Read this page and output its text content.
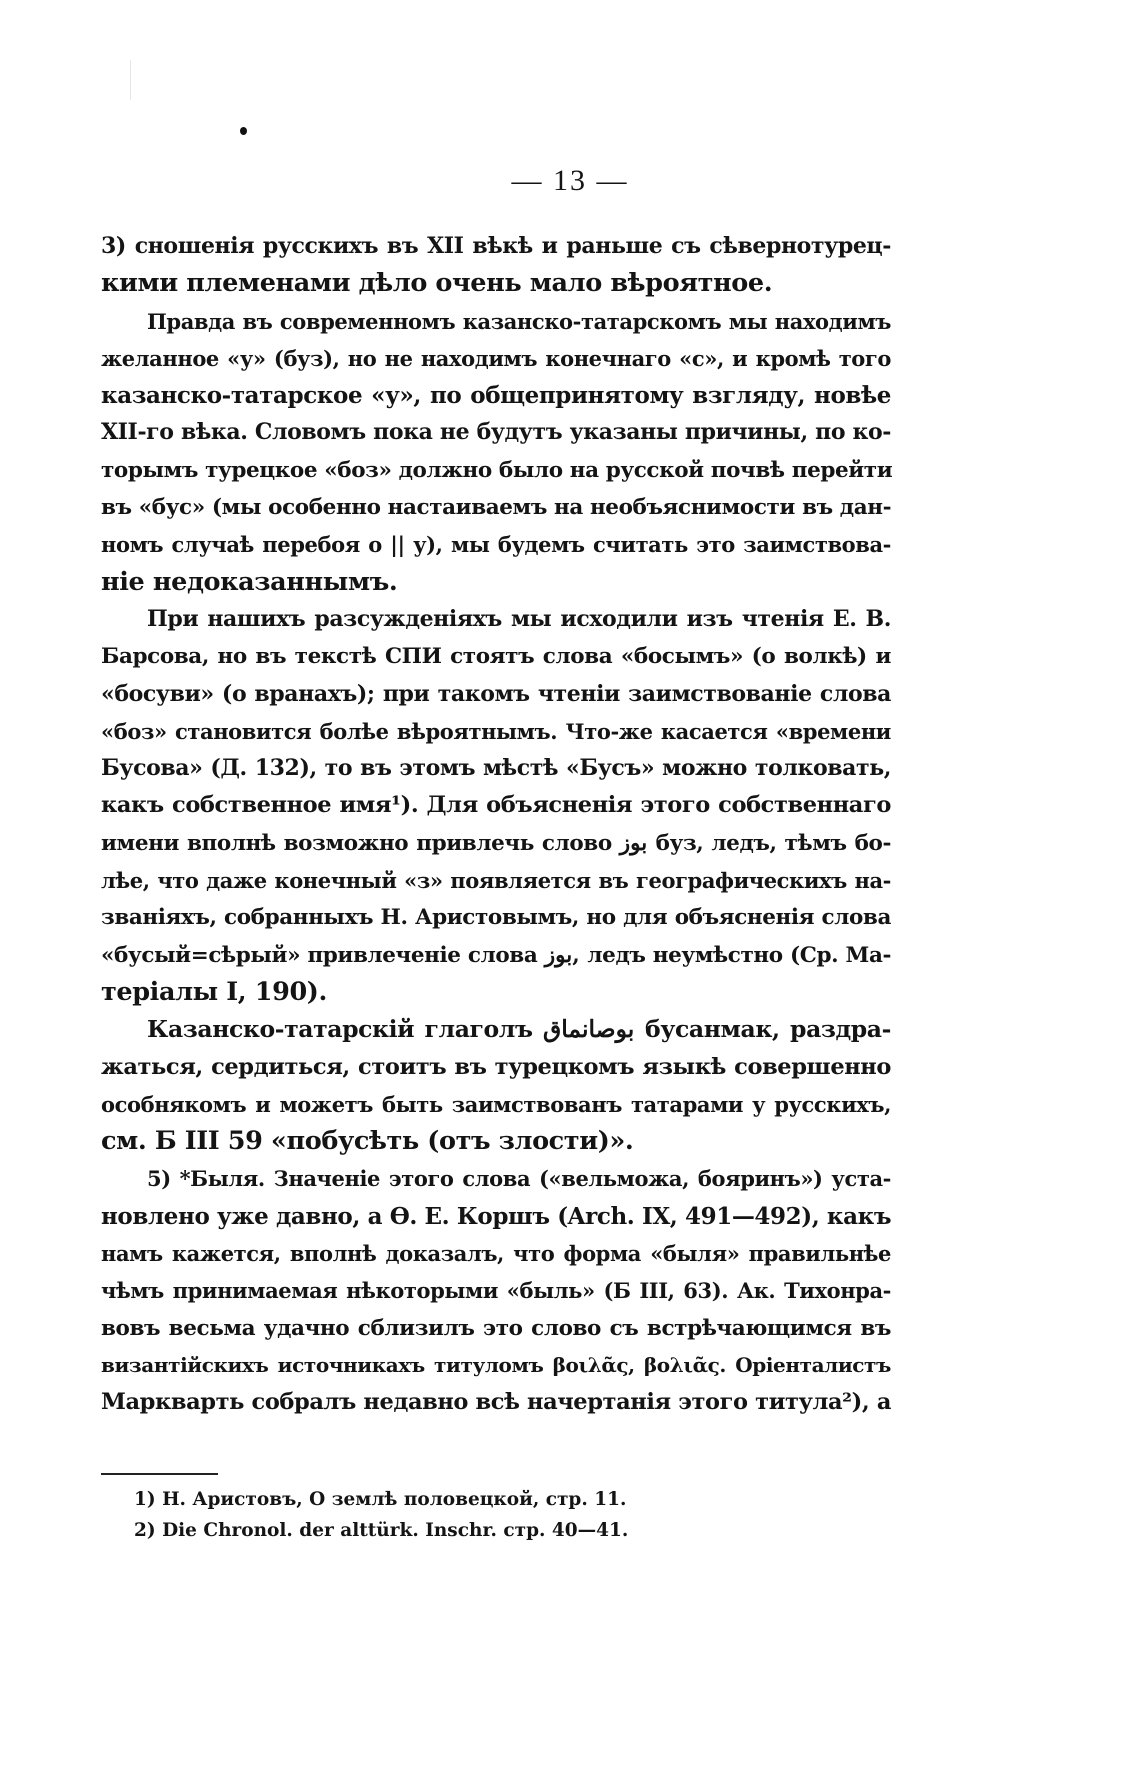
— 13 —
3) сношенія русскихъ въ XII вѣкѣ и раньше съ сѣвернотурец-
кими племенами дѣло очень мало вѣроятное.
Правда въ современномъ казанско-татарскомъ мы находимъ
желанное «у» (буз), но не находимъ конечнаго «с», и кромѣ того
казанско-татарское «у», по общепринятому взгляду, новѣе
XII-го вѣка. Словомъ пока не будутъ указаны причины, по ко-
торымъ турецкое «боз» должно было на русской почвѣ перейти
въ «бус» (мы особенно настаиваемъ на необъяснимости въ дан-
номъ случаѣ перебоя о || у), мы будемъ считать это заимствова-
ніе недоказаннымъ.
При нашихъ разсужденіяхъ мы исходили изъ чтенія Е. В.
Барсова, но въ текстѣ СПИ стоятъ слова «босымъ» (о волкѣ) и
«босуви» (о вранахъ); при такомъ чтеніи заимствованіе слова
«боз» становится болѣе вѣроятнымъ. Что-же касается «времени
Бусова» (Д. 132), то въ этомъ мѣстѣ «Бусъ» можно толковать,
какъ собственное имя¹). Для объясненія этого собственнаго
имени вполнѣ возможно привлечь слово بوز буз, ледъ, тѣмъ бо-
лѣе, что даже конечный «з» появляется въ географическихъ на-
званіяхъ, собранныхъ Н. Аристовымъ, но для объясненія слова
«бусый=сѣрый» привлеченіе слова بوز, ледъ неумѣстно (Ср. Ма-
теріалы I, 190).
Казанско-татарскій глаголъ بوصانماق бусанмак, раздра-
жаться, сердиться, стоитъ въ турецкомъ языкѣ совершенно
особнякомъ и можетъ быть заимствованъ татарами у русскихъ,
см. Б III 59 «побусѣть (отъ злости)».
5) *Быля. Значеніе этого слова («вельможа, бояринъ») уста-
новлено уже давно, а Ѳ. Е. Коршъ (Arch. IX, 491—492), какъ
намъ кажется, вполнѣ доказалъ, что форма «быля» правильнѣе
чѣмъ принимаемая нѣкоторыми «быль» (Б III, 63). Ак. Тихонра-
вовъ весьма удачно сблизилъ это слово съ встрѣчающимся въ
византійскихъ источникахъ титуломъ βοιλᾶς, βολιᾶς. Оріенталистъ
Маркварть собралъ недавно всѣ начертанія этого титула²), а
1) Н. Аристовъ, О землѣ половецкой, стр. 11.
2) Die Chronol. der alttürk. Inschr. стр. 40—41.
